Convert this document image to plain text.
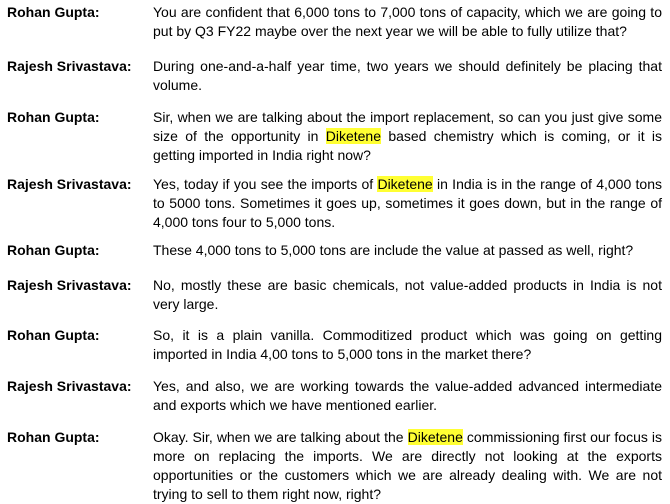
Rohan Gupta:	You are confident that 6,000 tons to 7,000 tons of capacity, which we are going to put by Q3 FY22 maybe over the next year we will be able to fully utilize that?
Rajesh Srivastava: During one-and-a-half year time, two years we should definitely be placing that volume.
Rohan Gupta:	Sir, when we are talking about the import replacement, so can you just give some size of the opportunity in Diketene based chemistry which is coming, or it is getting imported in India right now?
Rajesh Srivastava: Yes, today if you see the imports of Diketene in India is in the range of 4,000 tons to 5000 tons. Sometimes it goes up, sometimes it goes down, but in the range of 4,000 tons four to 5,000 tons.
Rohan Gupta:	These 4,000 tons to 5,000 tons are include the value at passed as well, right?
Rajesh Srivastava: No, mostly these are basic chemicals, not value-added products in India is not very large.
Rohan Gupta:	So, it is a plain vanilla. Commoditized product which was going on getting imported in India 4,00 tons to 5,000 tons in the market there?
Rajesh Srivastava: Yes, and also, we are working towards the value-added advanced intermediate and exports which we have mentioned earlier.
Rohan Gupta:	Okay. Sir, when we are talking about the Diketene commissioning first our focus is more on replacing the imports. We are directly not looking at the exports opportunities or the customers which we are already dealing with. We are not trying to sell to them right now, right?
